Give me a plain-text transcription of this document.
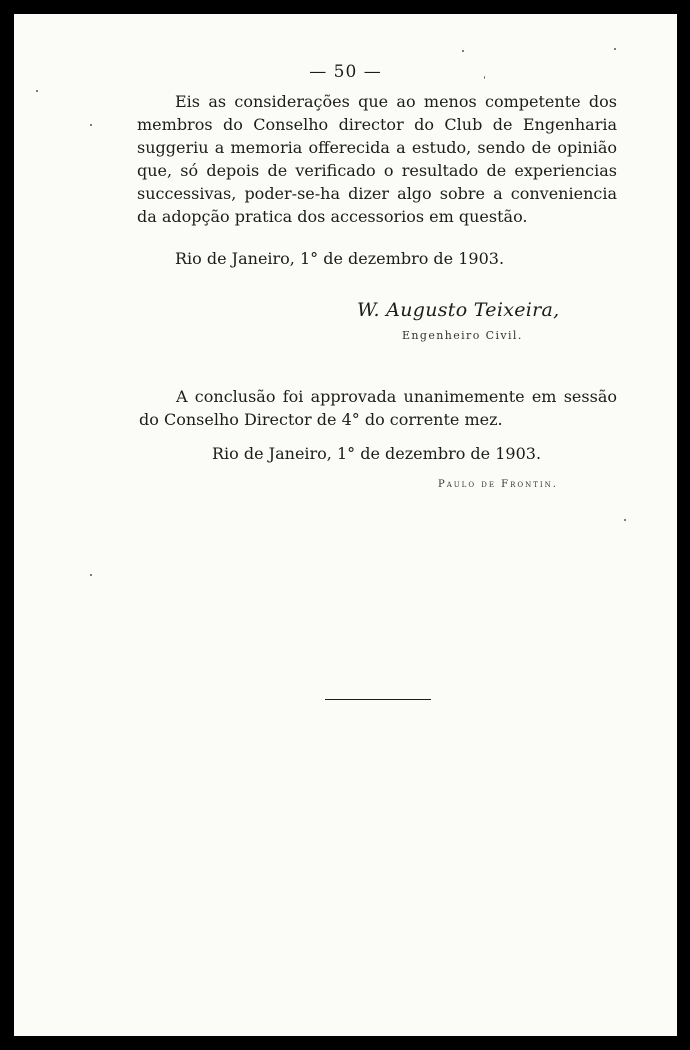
— 50 —
Eis as considerações que ao menos competente dos
membros do Conselho director do Club de Engenharia
suggeriu a memoria offerecida a estudo, sendo de opinião
que, só depois de verificado o resultado de experiencias
successivas, poder-se-ha dizer algo sobre a conveniencia
da adopção pratica dos accessorios em questão.
Rio de Janeiro, 1° de dezembro de 1903.
W. Augusto Teixeira,
Engenheiro Civil.
A conclusão foi approvada unanimemente em sessão
do Conselho Director de 4° do corrente mez.
Rio de Janeiro, 1° de dezembro de 1903.
Paulo de Frontin.
